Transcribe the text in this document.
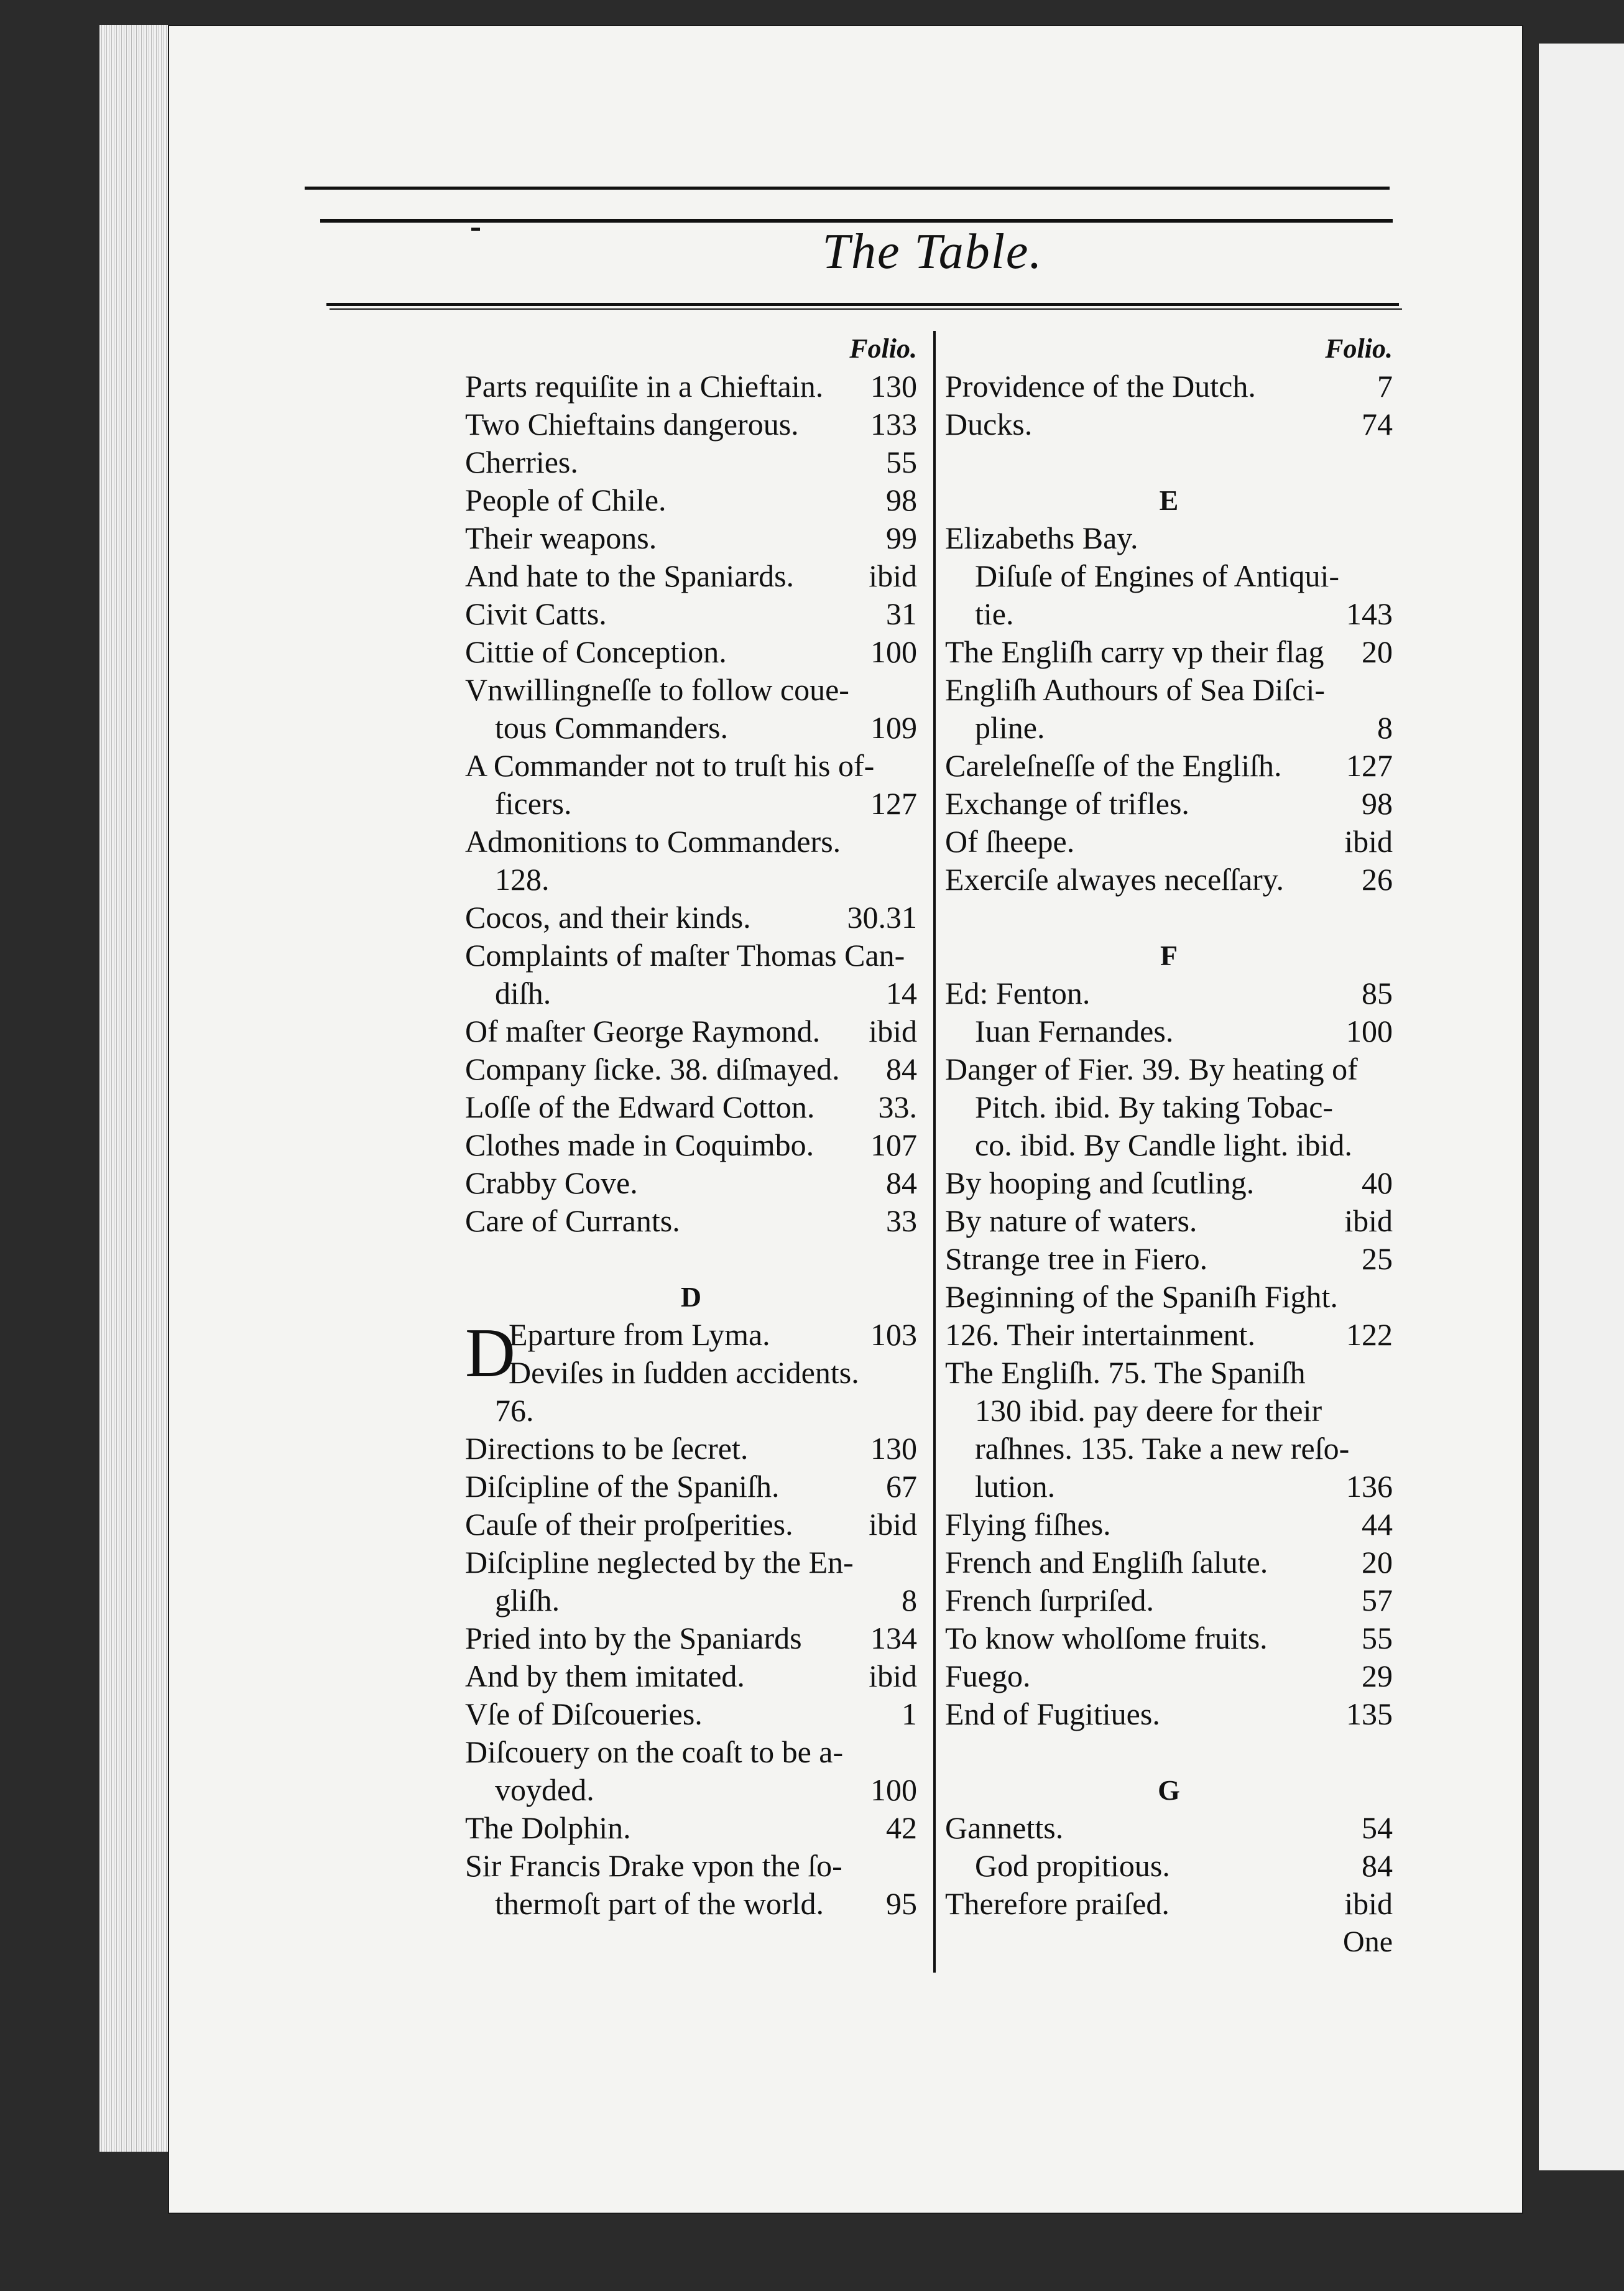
The Table.
Folio.
Parts requiſite in a Chieftain. 130
Two Chieftains dangerous. 133
Cherries.	55
People of Chile.	98
Their weapons.	99
And hate to the Spaniards. ibid
Civit Catts.	31
Cittie of Conception.	100
Vnwillingneſſe to follow coue-
tous Commanders.	109
A Commander not to truſt his of-
ficers.	127
Admonitions to Commanders.
128.
Cocos, and their kinds.	30.31
Complaints of maſter Thomas Can-
diſh.	14
Of maſter George Raymond. ibid
Company ſicke. 38. diſmayed. 84
Loſſe of the Edward Cotton. 33.
Clothes made in Coquimbo. 107
Crabby Cove.	84
Care of Currants.	33
D
D
Eparture from Lyma.	103
Deviſes in ſudden accidents.
76.
Directions to be ſecret.	130
Diſcipline of the Spaniſh.	67
Cauſe of their proſperities. ibid
Diſcipline neglected by the En-
gliſh.	8
Pried into by the Spaniards 134
And by them imitated.	ibid
Vſe of Diſcoueries.	1
Diſcouery on the coaſt to be a-
voyded.	100
The Dolphin.	42
Sir Francis Drake vpon the ſo-
thermoſt part of the world. 95
Folio.
Providence of the Dutch.	7
Ducks.	74
E
Elizabeths Bay.
Diſuſe of Engines of Antiqui-
tie.	143
The Engliſh carry vp their flag 20
Engliſh Authours of Sea Diſci-
pline.	8
Careleſneſſe of the Engliſh. 127
Exchange of trifles.	98
Of ſheepe.	ibid
Exerciſe alwayes neceſſary. 26
F
Ed: Fenton.	85
Iuan Fernandes.	100
Danger of Fier. 39. By heating of
Pitch. ibid. By taking Tobac-
co. ibid. By Candle light. ibid.
By hooping and ſcutling.	40
By nature of waters.	ibid
Strange tree in Fiero.	25
Beginning of the Spaniſh Fight.
126. Their intertainment.	122
The Engliſh. 75. The Spaniſh
130 ibid. pay deere for their
raſhnes. 135. Take a new reſo-
lution.	136
Flying fiſhes.	44
French and Engliſh ſalute.	20
French ſurpriſed.	57
To know wholſome fruits.	55
Fuego.	29
End of Fugitiues.	135
G
Gannetts.	54
God propitious.	84
Therefore praiſed.	ibid
One
